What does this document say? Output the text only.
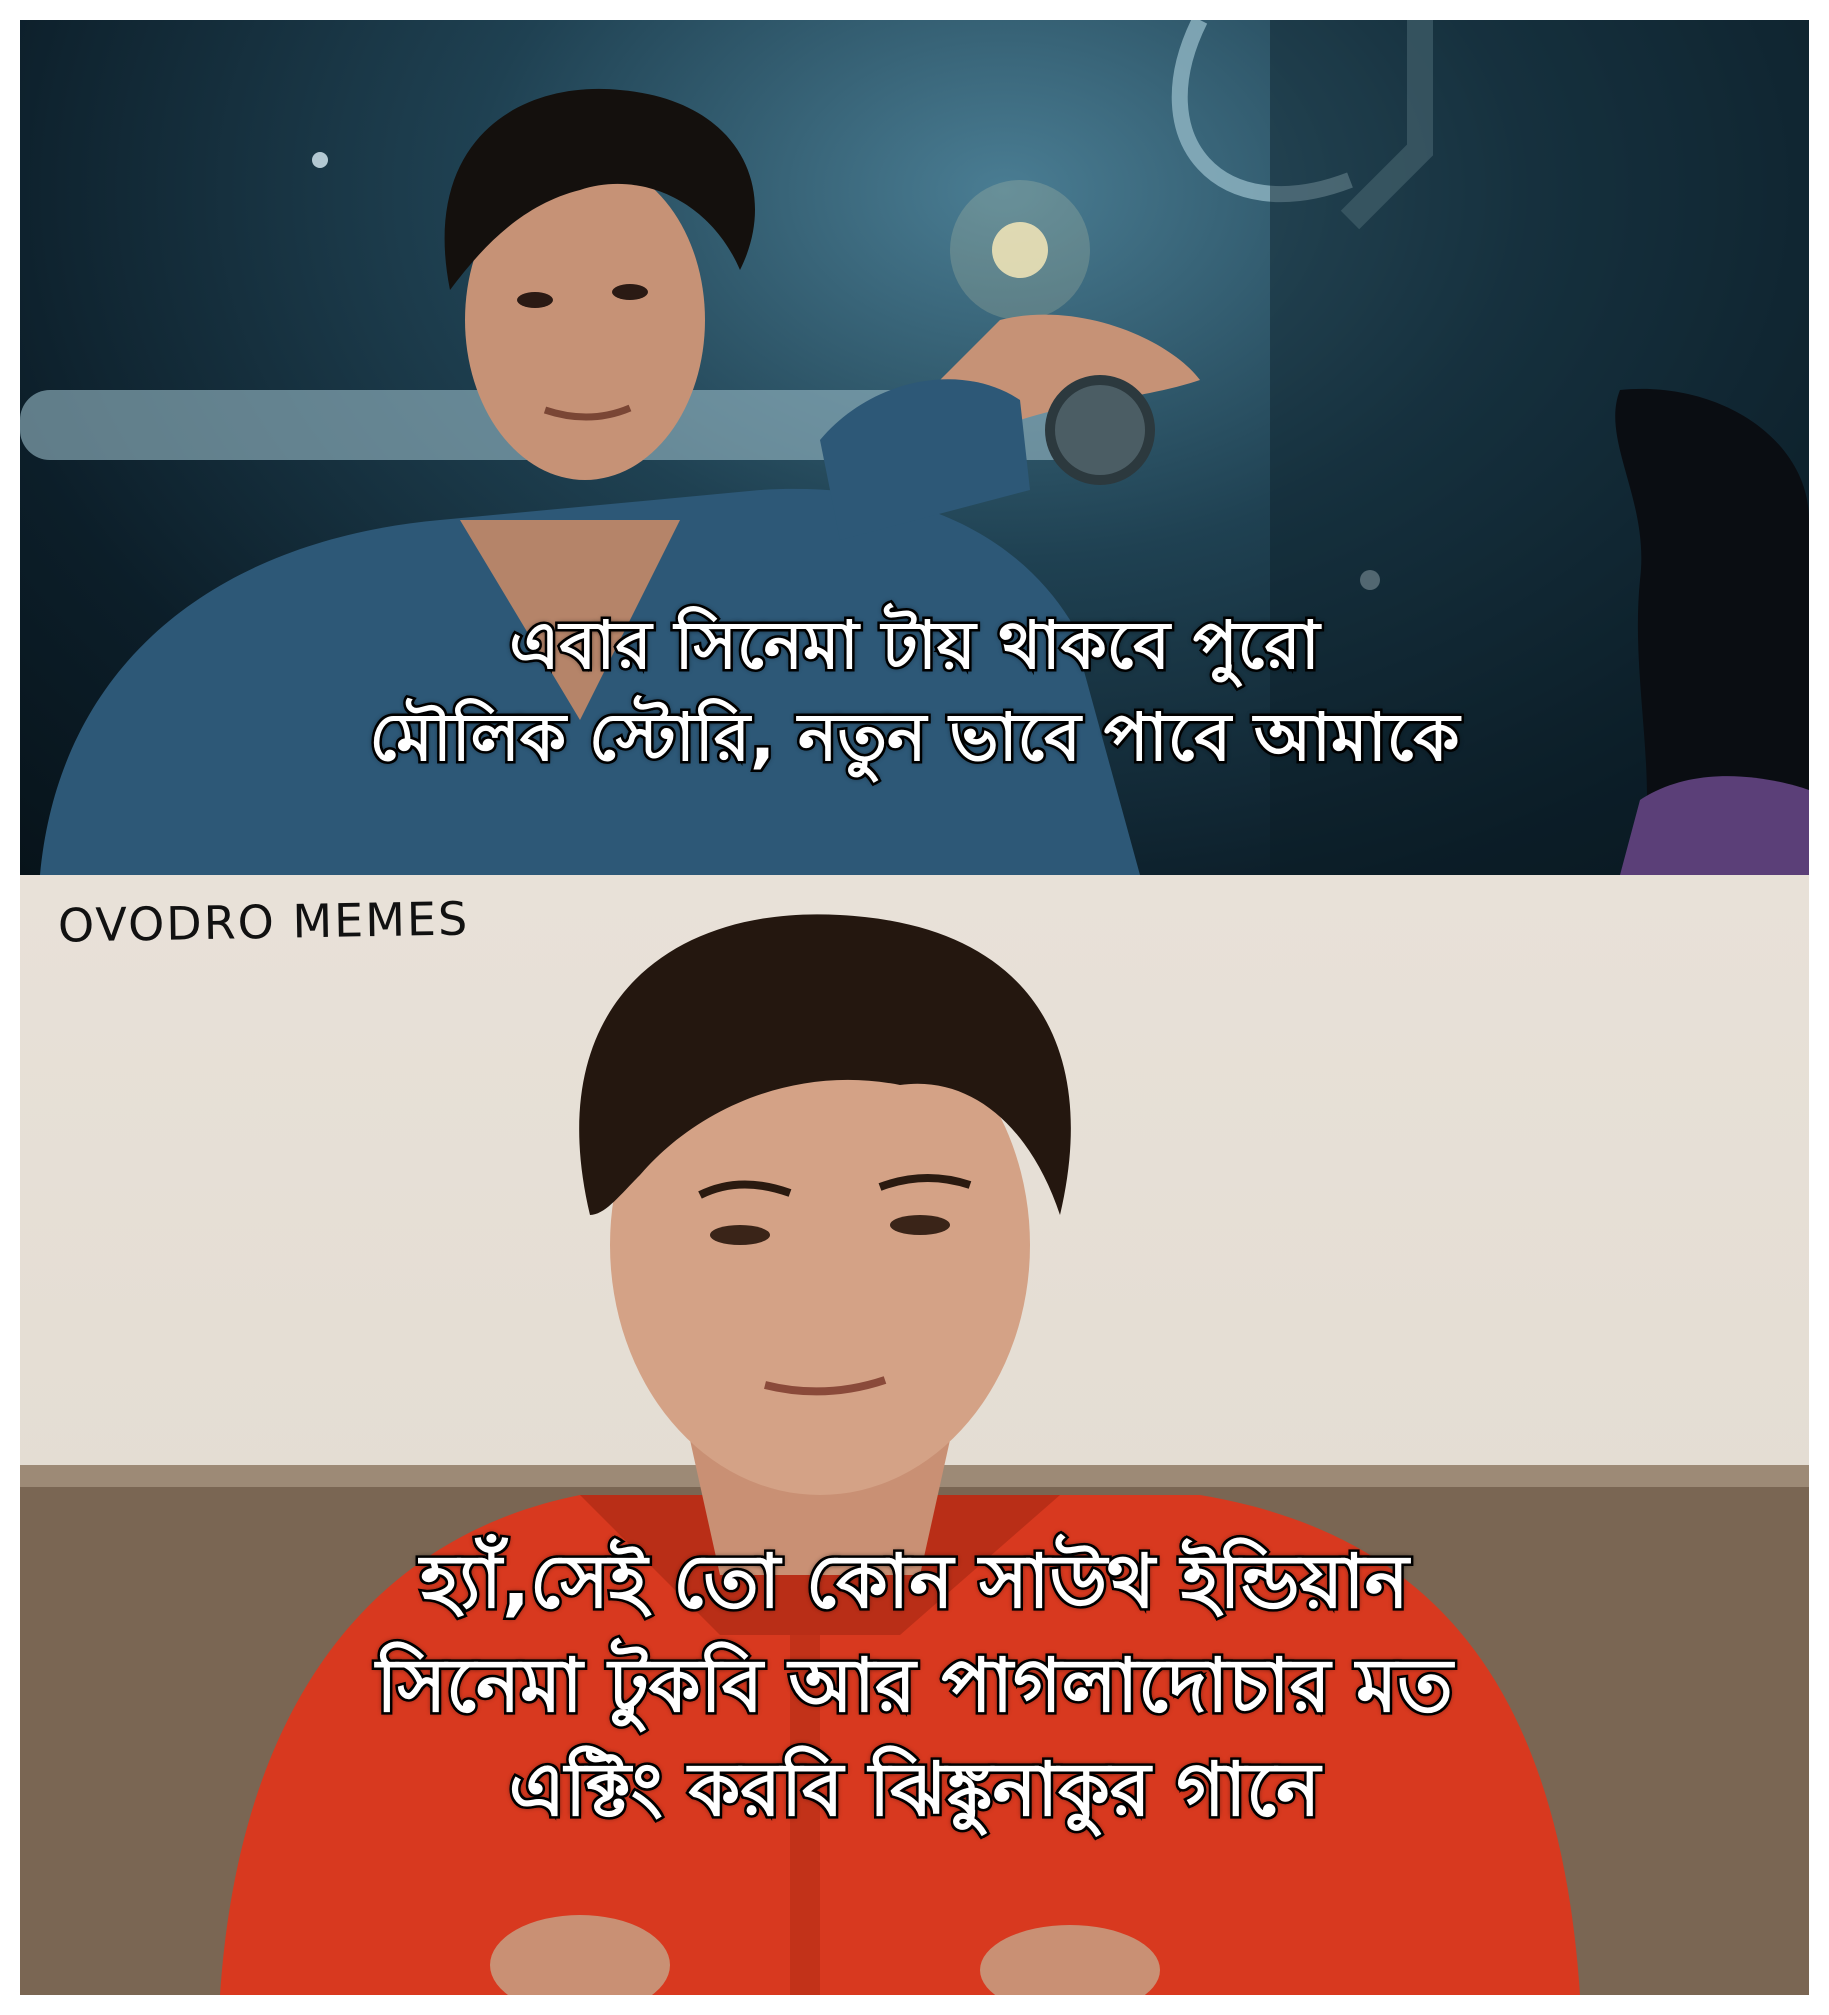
এবার সিনেমা টায় থাকবে পুরো
মৌলিক স্টোরি, নতুন ভাবে পাবে আমাকে
OVODRO MEMES
হ্যাঁ,সেই তো কোন সাউথ ইন্ডিয়ান
সিনেমা টুকবি আর পাগলাদোচার মত
এক্টিং করবি ঝিঙ্কুনাকুর গানে
